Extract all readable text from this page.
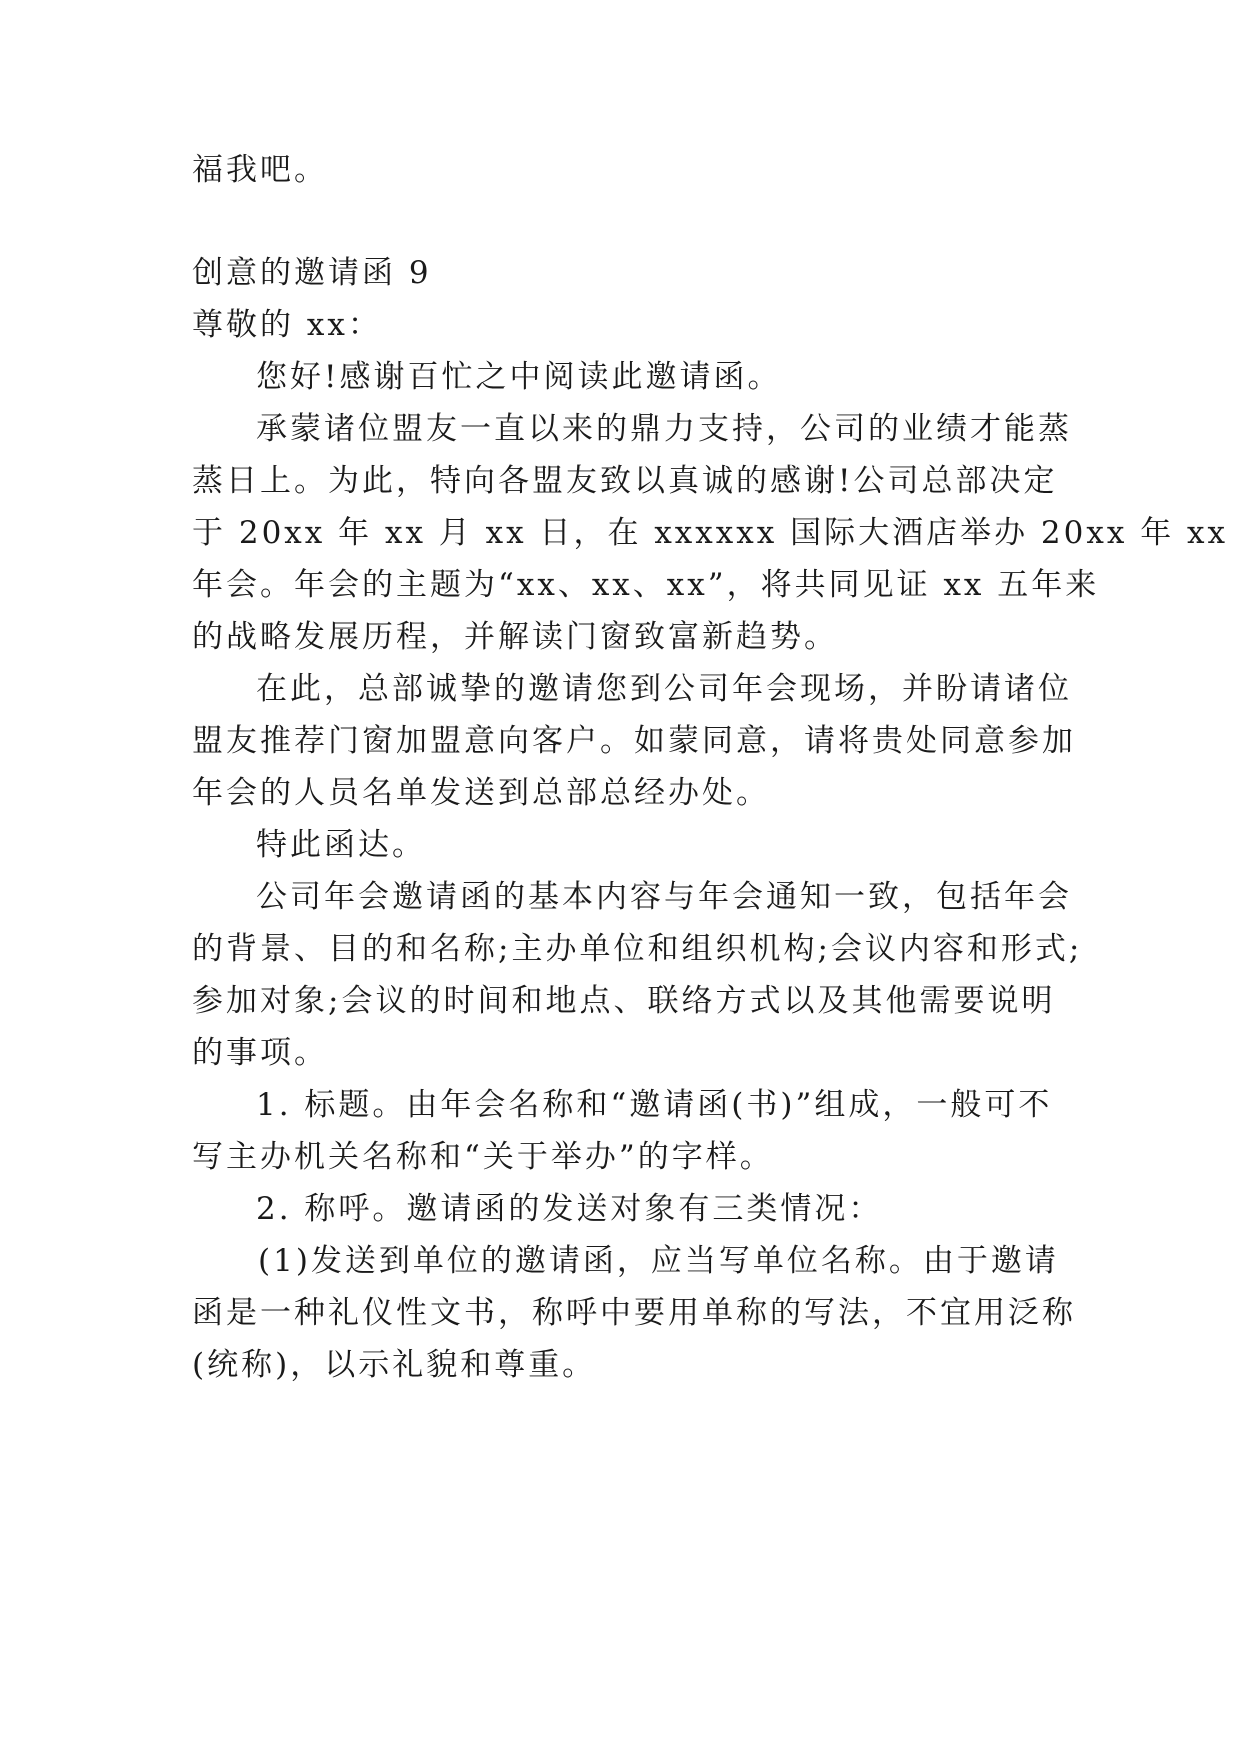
福我吧。
创意的邀请函 9
尊敬的 xx：
您好!感谢百忙之中阅读此邀请函。
承蒙诸位盟友一直以来的鼎力支持，公司的业绩才能蒸
蒸日上。为此，特向各盟友致以真诚的感谢!公司总部决定
于 20xx 年 xx 月 xx 日，在 xxxxxx 国际大酒店举办 20xx 年 xx
年会。年会的主题为“xx、xx、xx”，将共同见证 xx 五年来
的战略发展历程，并解读门窗致富新趋势。
在此，总部诚挚的邀请您到公司年会现场，并盼请诸位
盟友推荐门窗加盟意向客户。如蒙同意，请将贵处同意参加
年会的人员名单发送到总部总经办处。
特此函达。
公司年会邀请函的基本内容与年会通知一致，包括年会
的背景、目的和名称;主办单位和组织机构;会议内容和形式;
参加对象;会议的时间和地点、联络方式以及其他需要说明
的事项。
1. 标题。由年会名称和“邀请函(书)”组成，一般可不
写主办机关名称和“关于举办”的字样。
2. 称呼。邀请函的发送对象有三类情况：
(1)发送到单位的邀请函，应当写单位名称。由于邀请
函是一种礼仪性文书，称呼中要用单称的写法，不宜用泛称
(统称)，以示礼貌和尊重。
